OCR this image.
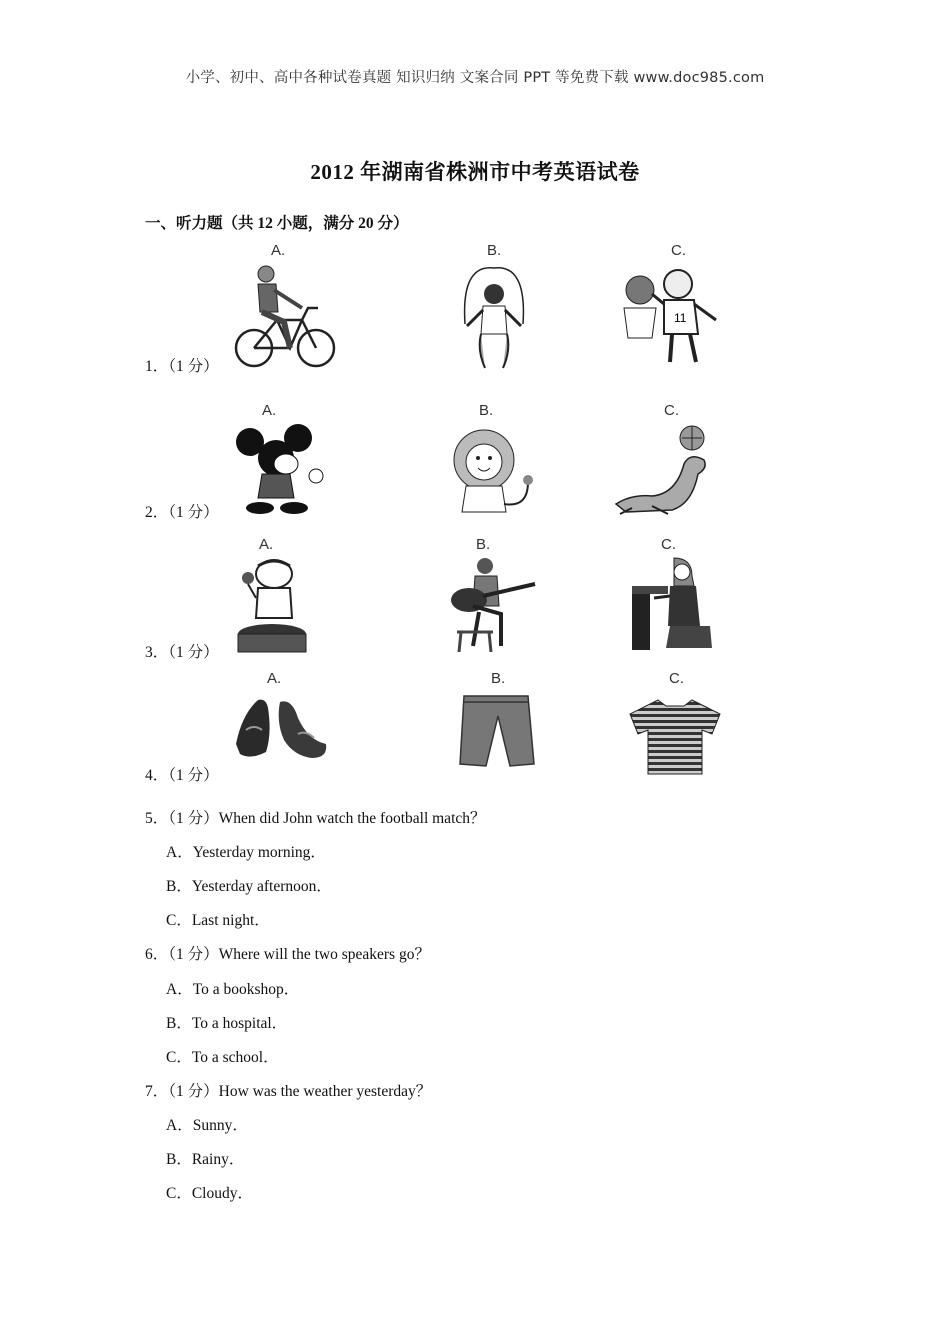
小学、初中、高中各种试卷真题 知识归纳 文案合同 PPT 等免费下载 www.doc985.com
2012 年湖南省株洲市中考英语试卷
一、听力题（共 12 小题，满分 20 分）
1．（1 分）
A.	B.	C.
11
2．（1 分）
A.	B.	C.
3．（1 分）
A.	B.	C.
4．（1 分）
A.	B.	C.
5．（1 分）When did John watch the football match？
A．Yesterday morning．
B．Yesterday afternoon．
C．Last night．
6．（1 分）Where will the two speakers go？
A．To a bookshop．
B．To a hospital．
C．To a school．
7．（1 分）How was the weather yesterday？
A．Sunny．
B．Rainy．
C．Cloudy．
